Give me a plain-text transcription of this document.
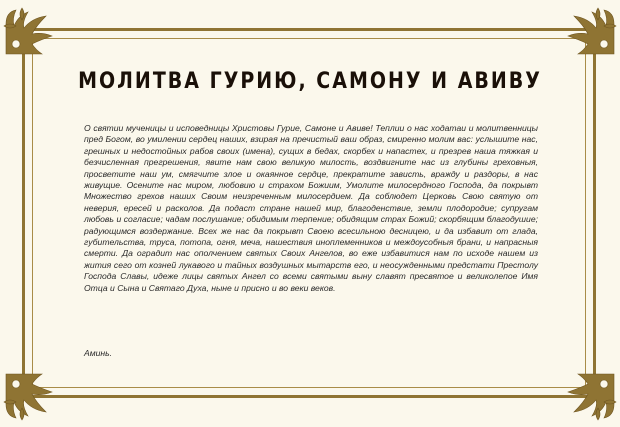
МОЛИТВА ГУРИЮ, САМОНУ И АВИВУ

О святии мученицы и исповедницы Христовы Гурие, Самоне и Авиве! Теплии о нас ходатаи и молитвенницы пред Богом, во умилении сердец наших, взирая на пречистый ваш образ, смиренно молим вас: услышите нас, грешных и недостойных рабов своих (имена), сущих в бедах, скорбех и напастех, и презрев наша тяжкая и безчисленная прегрешения, явите нам свою великую милость, воздвигните нас из глубины греховныя, просветите наш ум, смягчите злое и окаянное сердце, прекратите зависть, вражду и раздоры, в нас живущие. Осените нас миром, любовию и страхом Божиим, Умолите милосердного Господа, да покрывт Множество грехов наших Своим неизреченным милосердием. Да соблюдет Церковь Свою святую от неверия, ересей и расколов. Да подаст стране нашей мир, благоденствие, земли плодородие; супругам любовь и согласие; чадам послушание; обидимым терпение; обидящим страх Божий; скорбящим благодушие; радующимся воздержание. Всех же нас да покрывт Своею всесильною десницею, и да избавит от глада, губительства, труса, потопа, огня, меча, нашествия иноплеменников и междоусобныя брани, и напрасныя смерти. Да оградит нас ополчением святых Своих Ангелов, во еже избавитися нам по исходе нашем из жития сего от козней лукавого и тайных воздушных мытарств его, и неосужденными предстати Престолу Господа Славы, идеже лицы святых Ангел со всеми святыми выну славят пресвятое и великолепое Имя Отца и Сына и Святаго Духа, ныне и присно и во веки веков.

Аминь.
